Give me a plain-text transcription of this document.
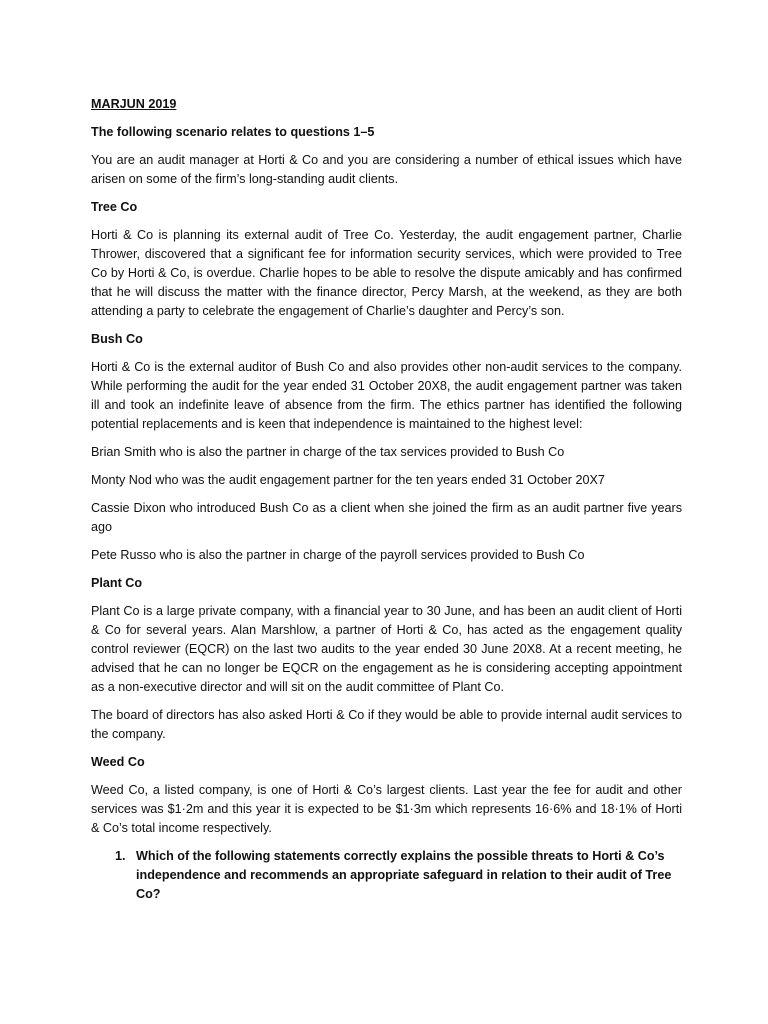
MARJUN 2019
The following scenario relates to questions 1–5

You are an audit manager at Horti & Co and you are considering a number of ethical issues which have arisen on some of the firm’s long-standing audit clients.

Tree Co

Horti & Co is planning its external audit of Tree Co. Yesterday, the audit engagement partner, Charlie Thrower, discovered that a significant fee for information security services, which were provided to Tree Co by Horti & Co, is overdue. Charlie hopes to be able to resolve the dispute amicably and has confirmed that he will discuss the matter with the finance director, Percy Marsh, at the weekend, as they are both attending a party to celebrate the engagement of Charlie’s daughter and Percy’s son.

Bush Co

Horti & Co is the external auditor of Bush Co and also provides other non-audit services to the company. While performing the audit for the year ended 31 October 20X8, the audit engagement partner was taken ill and took an indefinite leave of absence from the firm. The ethics partner has identified the following potential replacements and is keen that independence is maintained to the highest level:

Brian Smith who is also the partner in charge of the tax services provided to Bush Co

Monty Nod who was the audit engagement partner for the ten years ended 31 October 20X7

Cassie Dixon who introduced Bush Co as a client when she joined the firm as an audit partner five years ago

Pete Russo who is also the partner in charge of the payroll services provided to Bush Co

Plant Co

Plant Co is a large private company, with a financial year to 30 June, and has been an audit client of Horti & Co for several years. Alan Marshlow, a partner of Horti & Co, has acted as the engagement quality control reviewer (EQCR) on the last two audits to the year ended 30 June 20X8. At a recent meeting, he advised that he can no longer be EQCR on the engagement as he is considering accepting appointment as a non-executive director and will sit on the audit committee of Plant Co.

The board of directors has also asked Horti & Co if they would be able to provide internal audit services to the company.

Weed Co

Weed Co, a listed company, is one of Horti & Co’s largest clients. Last year the fee for audit and other services was $1·2m and this year it is expected to be $1·3m which represents 16·6% and 18·1% of Horti & Co’s total income respectively.

1. Which of the following statements correctly explains the possible threats to Horti & Co’s independence and recommends an appropriate safeguard in relation to their audit of Tree Co?
